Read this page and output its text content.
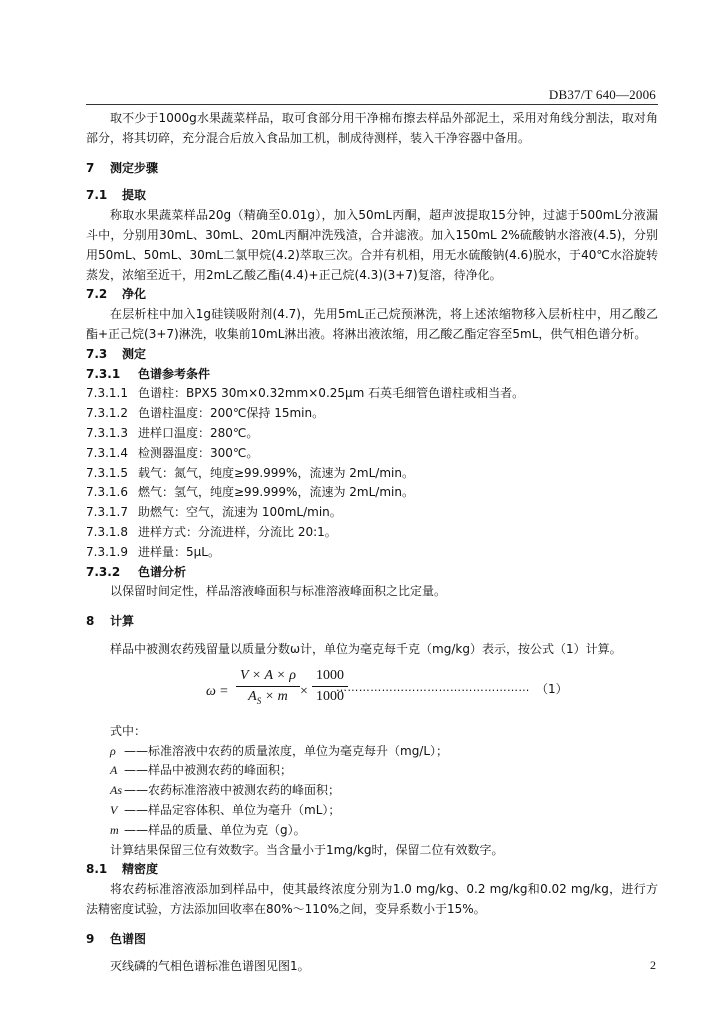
DB37/T 640—2006

取不少于1000g水果蔬菜样品，取可食部分用干净棉布擦去样品外部泥土，采用对角线分割法，取对角部分，将其切碎，充分混合后放入食品加工机，制成待测样，装入干净容器中备用。

7	测定步骤

7.1	提取

称取水果蔬菜样品20g（精确至0.01g），加入50mL丙酮，超声波提取15分钟，过滤于500mL分液漏斗中，分别用30mL、30mL、20mL丙酮冲洗残渣，合并滤液。加入150mL 2%硫酸钠水溶液(4.5)，分别用50mL、50mL、30mL二氯甲烷(4.2)萃取三次。合并有机相，用无水硫酸钠(4.6)脱水，于40℃水浴旋转蒸发，浓缩至近干，用2mL乙酸乙酯(4.4)+正己烷(4.3)(3+7)复溶，待净化。

7.2	净化

在层析柱中加入1g硅镁吸附剂(4.7)，先用5mL正己烷预淋洗，将上述浓缩物移入层析柱中，用乙酸乙酯+正己烷(3+7)淋洗，收集前10mL淋出液。将淋出液浓缩，用乙酸乙酯定容至5mL，供气相色谱分析。

7.3	测定

7.3.1	色谱参考条件

7.3.1.1 色谱柱：BPX5 30m×0.32mm×0.25μm 石英毛细管色谱柱或相当者。

7.3.1.2 色谱柱温度：200℃保持 15min。

7.3.1.3 进样口温度：280℃。

7.3.1.4 检测器温度：300℃。

7.3.1.5 载气：氮气，纯度≥99.999%，流速为 2mL/min。

7.3.1.6 燃气：氢气，纯度≥99.999%，流速为 2mL/min。

7.3.1.7 助燃气：空气，流速为 100mL/min。

7.3.1.8 进样方式：分流进样，分流比 20:1。

7.3.1.9 进样量：5μL。

7.3.2	色谱分析

以保留时间定性，样品溶液峰面积与标准溶液峰面积之比定量。

8	计算

样品中被测农药残留量以质量分数ω计，单位为毫克每千克（mg/kg）表示，按公式（1）计算。

$\omega = \frac{V \times A \times \rho}{A_S \times m} \times \frac{1000}{1000}$
…………………………………………… （1）

式中：

ρ ——标准溶液中农药的质量浓度，单位为毫克每升（mg/L）；

A ——样品中被测农药的峰面积；

As ——农药标准溶液中被测农药的峰面积；

V ——样品定容体积、单位为毫升（mL）；

m ——样品的质量、单位为克（g）。

计算结果保留三位有效数字。当含量小于1mg/kg时，保留二位有效数字。

8.1	精密度

将农药标准溶液添加到样品中，使其最终浓度分别为1.0 mg/kg、0.2 mg/kg和0.02 mg/kg，进行方法精密度试验，方法添加回收率在80%～110%之间，变异系数小于15%。

9	色谱图

灭线磷的气相色谱标准色谱图见图1。	2
